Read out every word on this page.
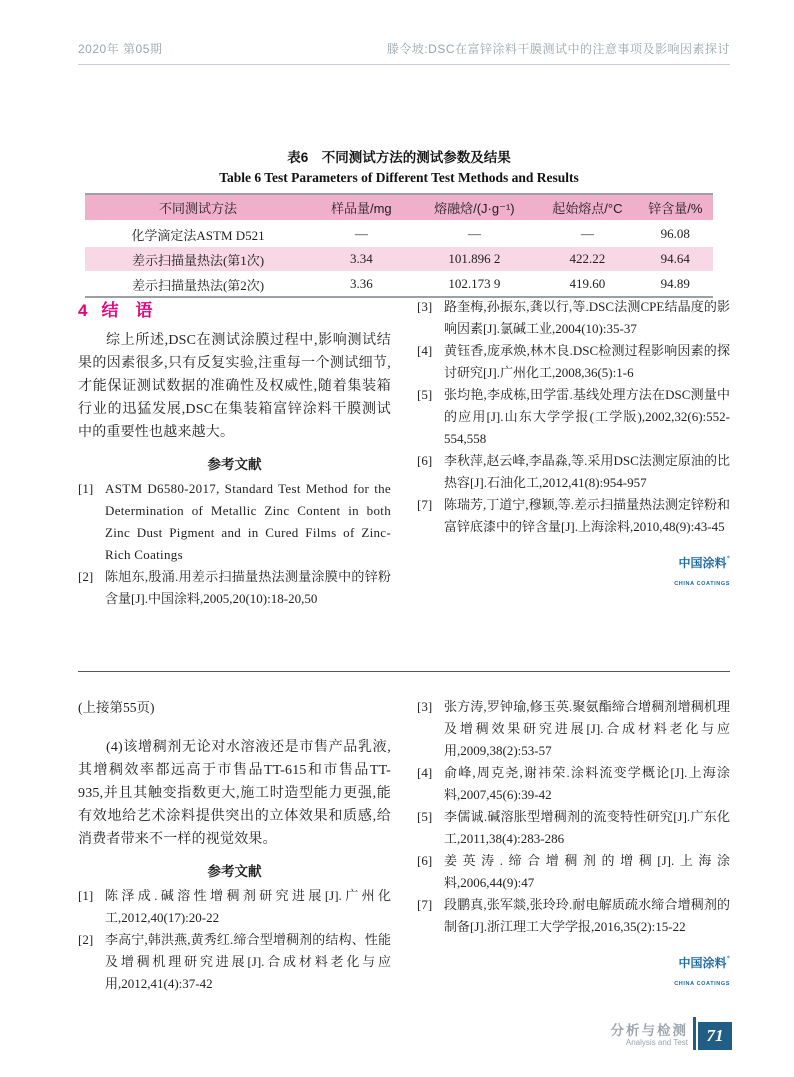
2020年 第05期	滕令坡:DSC在富锌涂料干膜测试中的注意事项及影响因素探讨
表6　不同测试方法的测试参数及结果
Table 6 Test Parameters of Different Test Methods and Results
不同测试方法	样品量/mg	熔融焓/(J·g⁻¹)	起始熔点/°C	锌含量/%
化学滴定法ASTM D521	—	—	—	96.08
差示扫描量热法(第1次)	3.34	101.896 2	422.22	94.64
差示扫描量热法(第2次)	3.36	102.173 9	419.60	94.89
4 结　语
综上所述,DSC在测试涂膜过程中,影响测试结果的因素很多,只有反复实验,注重每一个测试细节,才能保证测试数据的准确性及权威性,随着集装箱行业的迅猛发展,DSC在集装箱富锌涂料干膜测试中的重要性也越来越大。
参考文献
[1] ASTM D6580-2017, Standard Test Method for the Determination of Metallic Zinc Content in both Zinc Dust Pigment and in Cured Films of Zinc-Rich Coatings
[2] 陈旭东,殷涌.用差示扫描量热法测量涂膜中的锌粉含量[J].中国涂料,2005,20(10):18-20,50
[3] 路奎梅,孙振东,龚以行,等.DSC法测CPE结晶度的影响因素[J].氯碱工业,2004(10):35-37
[4] 黄钰香,庞承焕,林木良.DSC检测过程影响因素的探讨研究[J].广州化工,2008,36(5):1-6
[5] 张均艳,李成栋,田学雷.基线处理方法在DSC测量中的应用[J].山东大学学报(工学版),2002,32(6):552-554,558
[6] 李秋萍,赵云峰,李晶淼,等.采用DSC法测定原油的比热容[J].石油化工,2012,41(8):954-957
[7] 陈瑞芳,丁道宁,穆颖,等.差示扫描量热法测定锌粉和富锌底漆中的锌含量[J].上海涂料,2010,48(9):43-45
中国涂料*
CHINA COATINGS
(上接第55页)
(4)该增稠剂无论对水溶液还是市售产品乳液,其增稠效率都远高于市售品TT-615和市售品TT-935,并且其触变指数更大,施工时造型能力更强,能有效地给艺术涂料提供突出的立体效果和质感,给消费者带来不一样的视觉效果。
参考文献
[1] 陈泽成.碱溶性增稠剂研究进展[J].广州化工,2012,40(17):20-22
[2] 李高宁,韩洪燕,黄秀红.缔合型增稠剂的结构、性能及增稠机理研究进展[J].合成材料老化与应用,2012,41(4):37-42
[3] 张方涛,罗钟瑜,修玉英.聚氨酯缔合增稠剂增稠机理及增稠效果研究进展[J].合成材料老化与应用,2009,38(2):53-57
[4] 俞峰,周克尧,谢祎荣.涂料流变学概论[J].上海涂料,2007,45(6):39-42
[5] 李儒诚.碱溶胀型增稠剂的流变特性研究[J].广东化工,2011,38(4):283-286
[6] 姜英涛.缔合增稠剂的增稠[J].上海涂料,2006,44(9):47
[7] 段鹏真,张军燚,张玲玲.耐电解质疏水缔合增稠剂的制备[J].浙江理工大学学报,2016,35(2):15-22
中国涂料*
CHINA COATINGS
分析与检测
Analysis and Test 71
